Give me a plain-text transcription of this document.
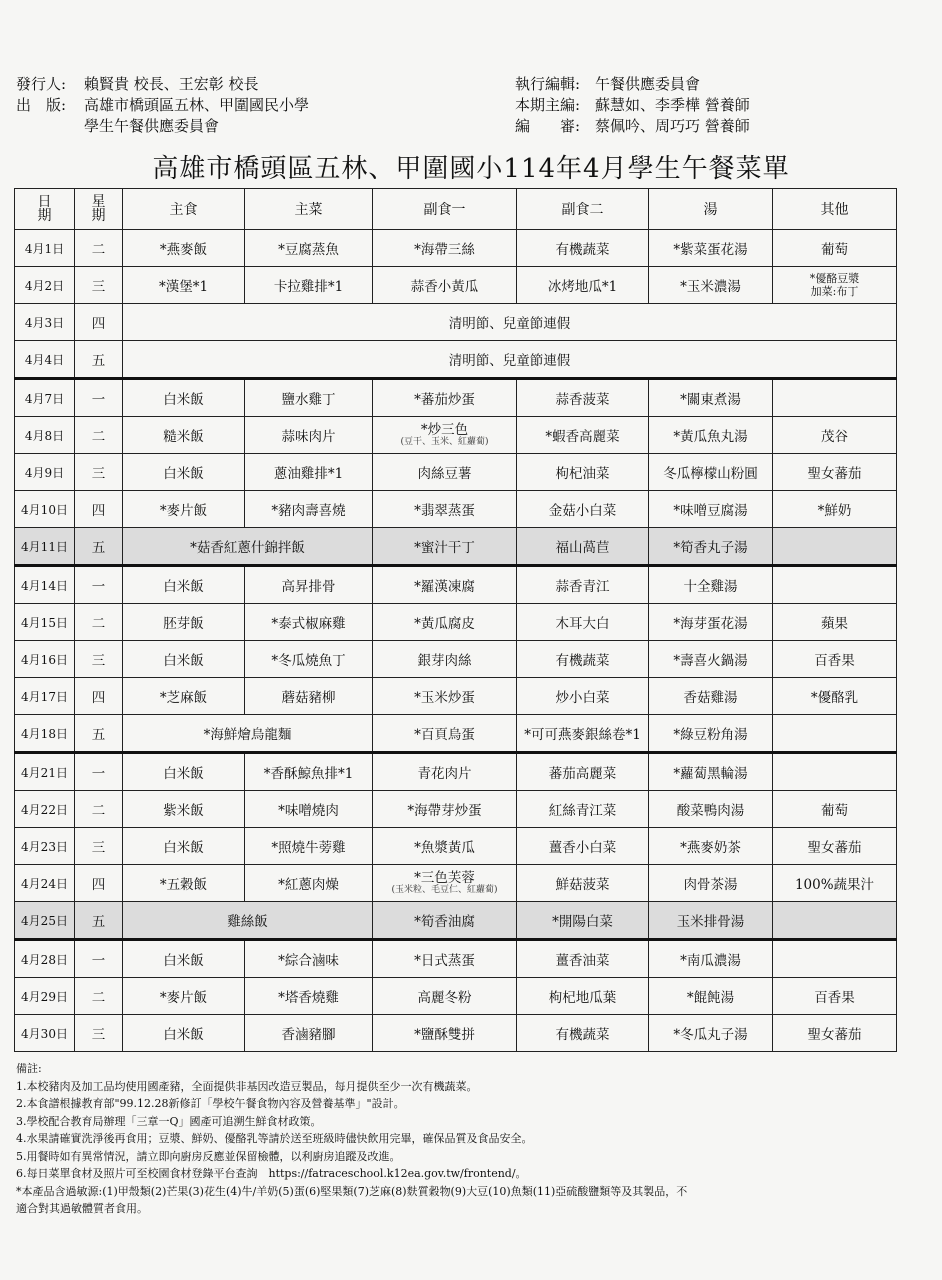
發行人:	賴賢貴 校長、王宏彰 校長
出　版:	高雄市橋頭區五林、甲圍國民小學
學生午餐供應委員會
執行編輯: 午餐供應委員會
本期主編: 蘇慧如、李季樺 營養師
編　　審: 蔡佩吟、周巧巧 營養師
高雄市橋頭區五林、甲圍國小114年4月學生午餐菜單
日
期	星
期	主食	主菜	副食一	副食二	湯	其他
4月1日	二	*燕麥飯	*豆腐蒸魚	*海帶三絲	有機蔬菜	*紫菜蛋花湯	葡萄
4月2日	三	*漢堡*1	卡拉雞排*1	蒜香小黃瓜	冰烤地瓜*1	*玉米濃湯	*優酪豆漿
加菜:布丁

4月3日	四	清明節、兒童節連假					
4月4日	五	清明節、兒童節連假					
4月7日	一	白米飯	鹽水雞丁	*蕃茄炒蛋	蒜香菠菜	*關東煮湯	
4月8日	二	糙米飯	蒜味肉片	*炒三色
(豆干、玉米、紅蘿蔔)	*蝦香高麗菜	*黃瓜魚丸湯	茂谷
4月9日	三	白米飯	蔥油雞排*1	肉絲豆薯	枸杞油菜	冬瓜檸檬山粉圓	聖女蕃茄
4月10日	四	*麥片飯	*豬肉壽喜燒	*翡翠蒸蛋	金菇小白菜	*味噌豆腐湯	*鮮奶
4月11日	五	*菇香紅蔥什錦拌飯		*蜜汁干丁	福山萵苣	*筍香丸子湯	
4月14日	一	白米飯	高昇排骨	*羅漢凍腐	蒜香青江	十全雞湯	
4月15日	二	胚芽飯	*泰式椒麻雞	*黃瓜腐皮	木耳大白	*海芽蛋花湯	蘋果
4月16日	三	白米飯	*冬瓜燒魚丁	銀芽肉絲	有機蔬菜	*壽喜火鍋湯	百香果
4月17日	四	*芝麻飯	蘑菇豬柳	*玉米炒蛋	炒小白菜	香菇雞湯	*優酪乳
4月18日	五	*海鮮燴烏龍麵		*百頁烏蛋	*可可燕麥銀絲卷*1	*綠豆粉角湯	
4月21日	一	白米飯	*香酥鯨魚排*1	青花肉片	蕃茄高麗菜	*蘿蔔黑輪湯	
4月22日	二	紫米飯	*味噌燒肉	*海帶芽炒蛋	紅絲青江菜	酸菜鴨肉湯	葡萄
4月23日	三	白米飯	*照燒牛蒡雞	*魚漿黃瓜	薑香小白菜	*燕麥奶茶	聖女蕃茄
4月24日	四	*五穀飯	*紅蔥肉燥	*三色芙蓉
(玉米粒、毛豆仁、紅蘿蔔)	鮮菇菠菜	肉骨茶湯	100%蔬果汁
4月25日	五	雞絲飯		*筍香油腐	*開陽白菜	玉米排骨湯	
4月28日	一	白米飯	*綜合滷味	*日式蒸蛋	薑香油菜	*南瓜濃湯	
4月29日	二	*麥片飯	*塔香燒雞	高麗冬粉	枸杞地瓜葉	*餛飩湯	百香果
4月30日	三	白米飯	香滷豬腳	*鹽酥雙拼	有機蔬菜	*冬瓜丸子湯	聖女蕃茄
備註:
1.本校豬肉及加工品均使用國產豬，全面提供非基因改造豆製品，每月提供至少一次有機蔬菜。
2.本食譜根據教育部"99.12.28新修訂「學校午餐食物內容及營養基準」"設計。
3.學校配合教育局辦理「三章一Q」國產可追溯生鮮食材政策。
4.水果請確實洗淨後再食用；豆漿、鮮奶、優酪乳等請於送至班級時儘快飲用完畢，確保品質及食品安全。
5.用餐時如有異常情況，請立即向廚房反應並保留檢體，以利廚房追蹤及改進。
6.每日菜單食材及照片可至校園食材登錄平台查詢　https://fatraceschool.k12ea.gov.tw/frontend/。
*本產品含過敏源:(1)甲殼類(2)芒果(3)花生(4)牛/羊奶(5)蛋(6)堅果類(7)芝麻(8)麩質穀物(9)大豆(10)魚類(11)亞硫酸鹽類等及其製品，不
適合對其過敏體質者食用。
